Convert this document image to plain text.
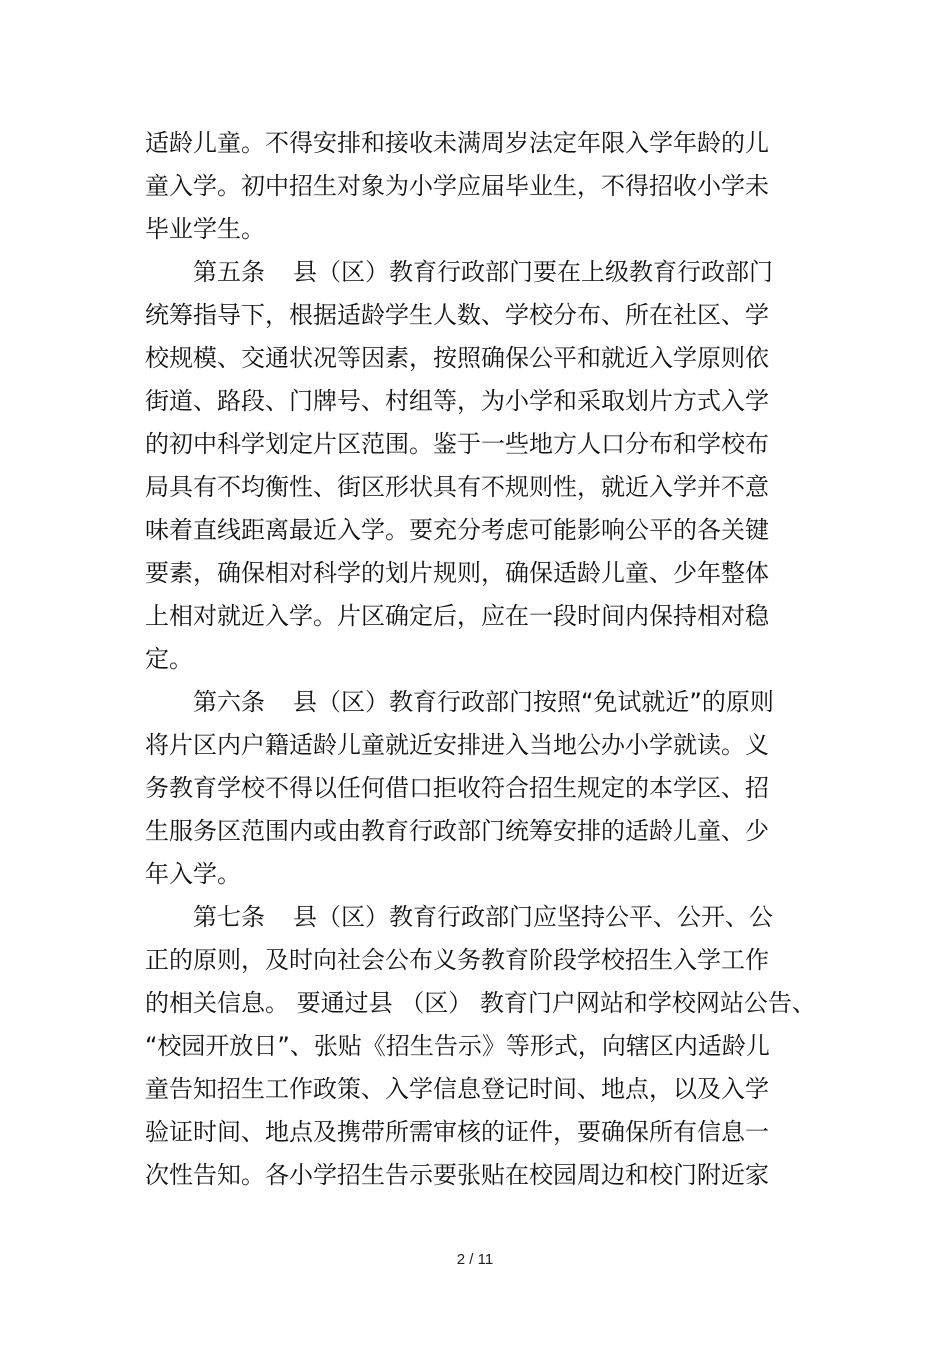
适龄儿童。不得安排和接收未满周岁法定年限入学年龄的儿
童入学。初中招生对象为小学应届毕业生，不得招收小学未
毕业学生。
第五条 县（区）教育行政部门要在上级教育行政部门
统筹指导下，根据适龄学生人数、学校分布、所在社区、学
校规模、交通状况等因素，按照确保公平和就近入学原则依
街道、路段、门牌号、村组等，为小学和采取划片方式入学
的初中科学划定片区范围。鉴于一些地方人口分布和学校布
局具有不均衡性、街区形状具有不规则性，就近入学并不意
味着直线距离最近入学。要充分考虑可能影响公平的各关键
要素，确保相对科学的划片规则，确保适龄儿童、少年整体
上相对就近入学。片区确定后，应在一段时间内保持相对稳
定。
第六条 县（区）教育行政部门按照“免试就近”的原则
将片区内户籍适龄儿童就近安排进入当地公办小学就读。义
务教育学校不得以任何借口拒收符合招生规定的本学区、招
生服务区范围内或由教育行政部门统筹安排的适龄儿童、少
年入学。
第七条 县（区）教育行政部门应坚持公平、公开、公
正的原则，及时向社会公布义务教育阶段学校招生入学工作
的相关信息。 要通过县 （区） 教育门户网站和学校网站公告、
“校园开放日”、张贴《招生告示》等形式，向辖区内适龄儿
童告知招生工作政策、入学信息登记时间、地点，以及入学
验证时间、地点及携带所需审核的证件，要确保所有信息一
次性告知。各小学招生告示要张贴在校园周边和校门附近家
2 / 11
